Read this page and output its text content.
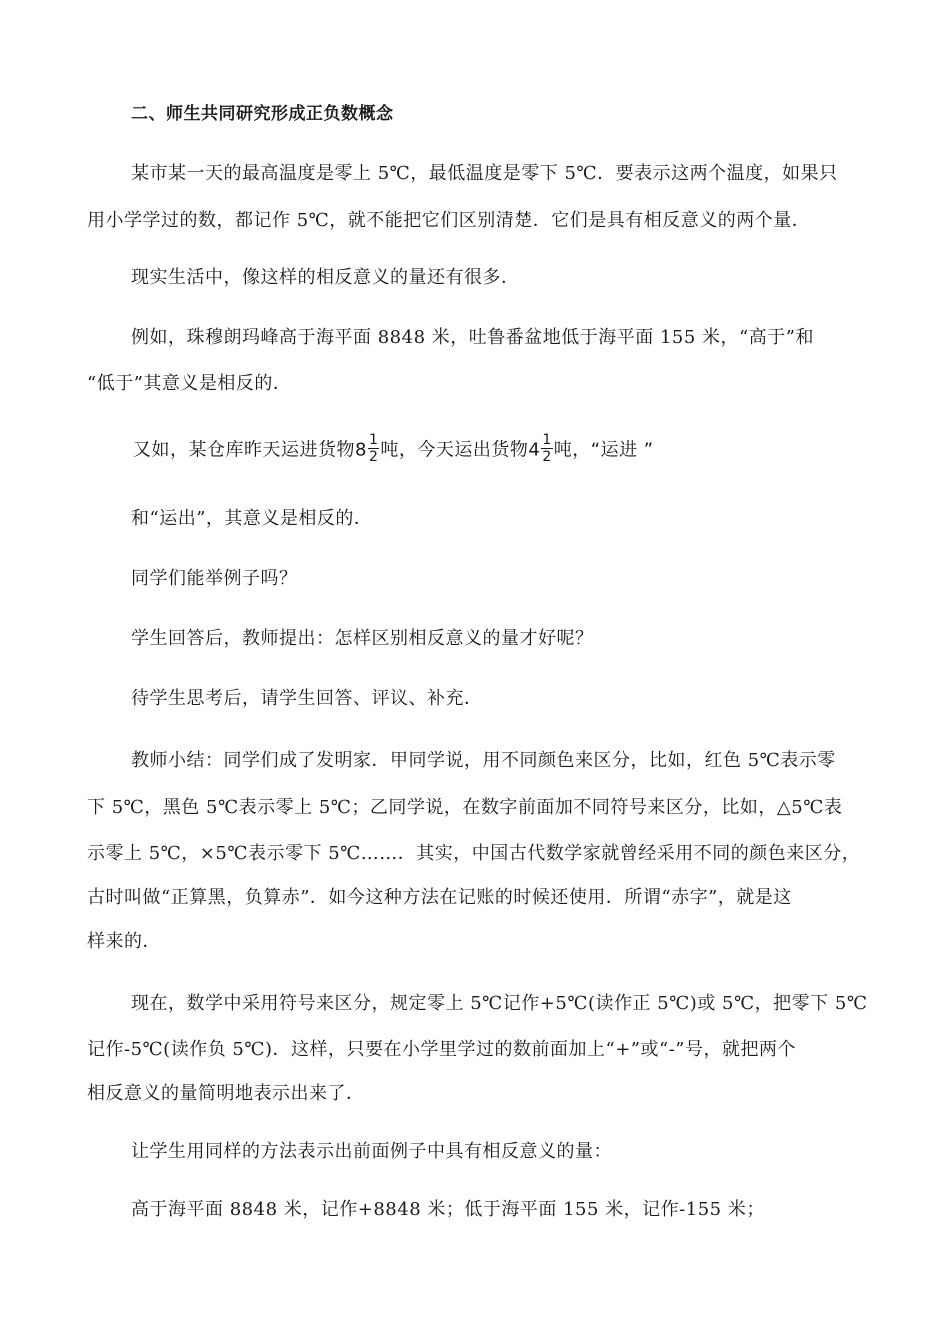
二、师生共同研究形成正负数概念
某市某一天的最高温度是零上 5℃，最低温度是零下 5℃．要表示这两个温度，如果只
用小学学过的数，都记作 5℃，就不能把它们区别清楚．它们是具有相反意义的两个量．
现实生活中，像这样的相反意义的量还有很多．
例如，珠穆朗玛峰高于海平面 8848 米，吐鲁番盆地低于海平面 155 米，“高于”和
“低于”其意义是相反的．
又如，某仓库昨天运进货物$8 \frac{1}{2}$ 吨，今天运出货物$4 \frac{1}{2}$ 吨，“运进 ”
和“运出”，其意义是相反的．
同学们能举例子吗？
学生回答后，教师提出：怎样区别相反意义的量才好呢？
待学生思考后，请学生回答、评议、补充．
教师小结：同学们成了发明家．甲同学说，用不同颜色来区分，比如，红色 5℃表示零
下 5℃，黑色 5℃表示零上 5℃；乙同学说，在数字前面加不同符号来区分，比如，△5℃表
示零上 5℃，×5℃表示零下 5℃……．其实，中国古代数学家就曾经采用不同的颜色来区分，
古时叫做“正算黑，负算赤”．如今这种方法在记账的时候还使用．所谓“赤字”，就是这
样来的．
现在，数学中采用符号来区分，规定零上 5℃记作+5℃(读作正 5℃)或 5℃，把零下 5℃
记作-5℃(读作负 5℃)．这样，只要在小学里学过的数前面加上“+”或“-”号，就把两个
相反意义的量简明地表示出来了．
让学生用同样的方法表示出前面例子中具有相反意义的量：
高于海平面 8848 米，记作+8848 米；低于海平面 155 米，记作-155 米；
